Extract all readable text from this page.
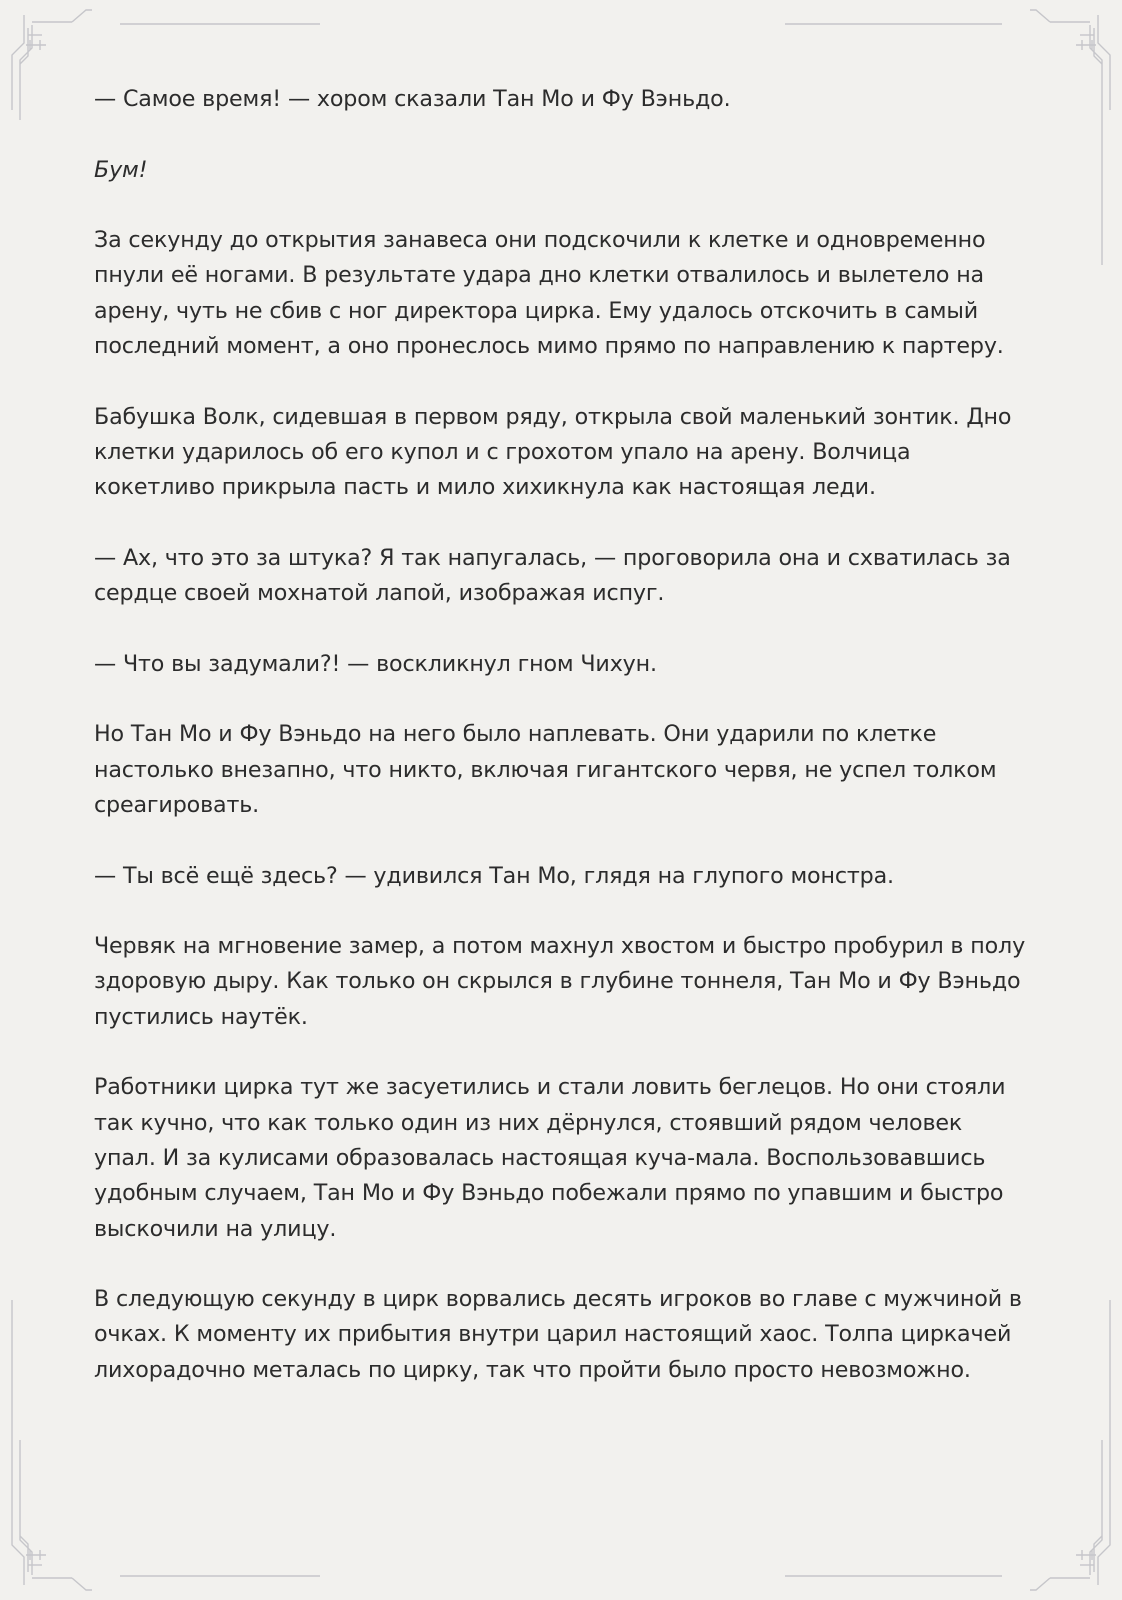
— Самое время! — хором сказали Тан Мо и Фу Вэньдо.

Бум!

За секунду до открытия занавеса они подскочили к клетке и одновременно пнули её ногами. В результате удара дно клетки отвалилось и вылетело на арену, чуть не сбив с ног директора цирка. Ему удалось отскочить в самый последний момент, а оно пронеслось мимо прямо по направлению к партеру.

Бабушка Волк, сидевшая в первом ряду, открыла свой маленький зонтик. Дно клетки ударилось об его купол и с грохотом упало на арену. Волчица кокетливо прикрыла пасть и мило хихикнула как настоящая леди.

— Ах, что это за штука? Я так напугалась, — проговорила она и схватилась за сердце своей мохнатой лапой, изображая испуг.

— Что вы задумали?! — воскликнул гном Чихун.

Но Тан Мо и Фу Вэньдо на него было наплевать. Они ударили по клетке настолько внезапно, что никто, включая гигантского червя, не успел толком среагировать.

— Ты всё ещё здесь? — удивился Тан Мо, глядя на глупого монстра.

Червяк на мгновение замер, а потом махнул хвостом и быстро пробурил в полу здоровую дыру. Как только он скрылся в глубине тоннеля, Тан Мо и Фу Вэньдо пустились наутёк.

Работники цирка тут же засуетились и стали ловить беглецов. Но они стояли так кучно, что как только один из них дёрнулся, стоявший рядом человек упал. И за кулисами образовалась настоящая куча-мала. Воспользовавшись удобным случаем, Тан Мо и Фу Вэньдо побежали прямо по упавшим и быстро выскочили на улицу.

В следующую секунду в цирк ворвались десять игроков во главе с мужчиной в очках. К моменту их прибытия внутри царил настоящий хаос. Толпа циркачей лихорадочно металась по цирку, так что пройти было просто невозможно.
